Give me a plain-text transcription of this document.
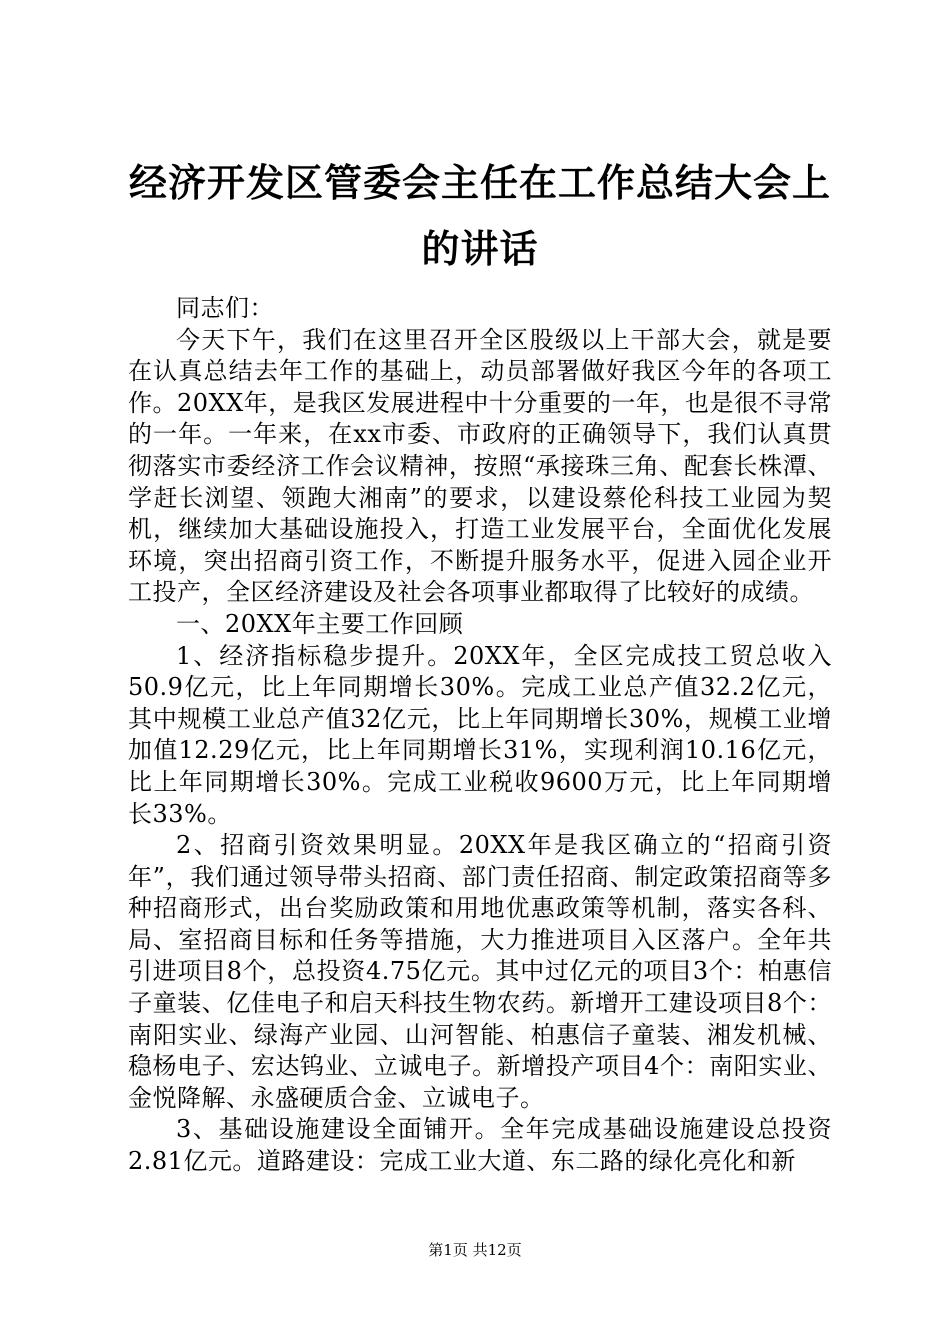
经济开发区管委会主任在工作总结大会上的讲话

同志们：

今天下午，我们在这里召开全区股级以上干部大会，就是要在认真总结去年工作的基础上，动员部署做好我区今年的各项工作。20XX年，是我区发展进程中十分重要的一年，也是很不寻常的一年。一年来，在xx市委、市政府的正确领导下，我们认真贯彻落实市委经济工作会议精神，按照“承接珠三角、配套长株潭、学赶长浏望、领跑大湘南”的要求，以建设蔡伦科技工业园为契机，继续加大基础设施投入，打造工业发展平台，全面优化发展环境，突出招商引资工作，不断提升服务水平，促进入园企业开工投产，全区经济建设及社会各项事业都取得了比较好的成绩。

一、20XX年主要工作回顾

1、经济指标稳步提升。20XX年，全区完成技工贸总收入50.9亿元，比上年同期增长30%。完成工业总产值32.2亿元，其中规模工业总产值32亿元，比上年同期增长30%，规模工业增加值12.29亿元，比上年同期增长31%，实现利润10.16亿元，比上年同期增长30%。完成工业税收9600万元，比上年同期增长33%。

2、招商引资效果明显。20XX年是我区确立的“招商引资年”，我们通过领导带头招商、部门责任招商、制定政策招商等多种招商形式，出台奖励政策和用地优惠政策等机制，落实各科、局、室招商目标和任务等措施，大力推进项目入区落户。全年共引进项目8个，总投资4.75亿元。其中过亿元的项目3个：柏惠信子童装、亿佳电子和启天科技生物农药。新增开工建设项目8个：南阳实业、绿海产业园、山河智能、柏惠信子童装、湘发机械、稳杨电子、宏达钨业、立诚电子。新增投产项目4个：南阳实业、金悦降解、永盛硬质合金、立诚电子。

3、基础设施建设全面铺开。全年完成基础设施建设总投资2.81亿元。道路建设：完成工业大道、东二路的绿化亮化和新

第1页 共12页
